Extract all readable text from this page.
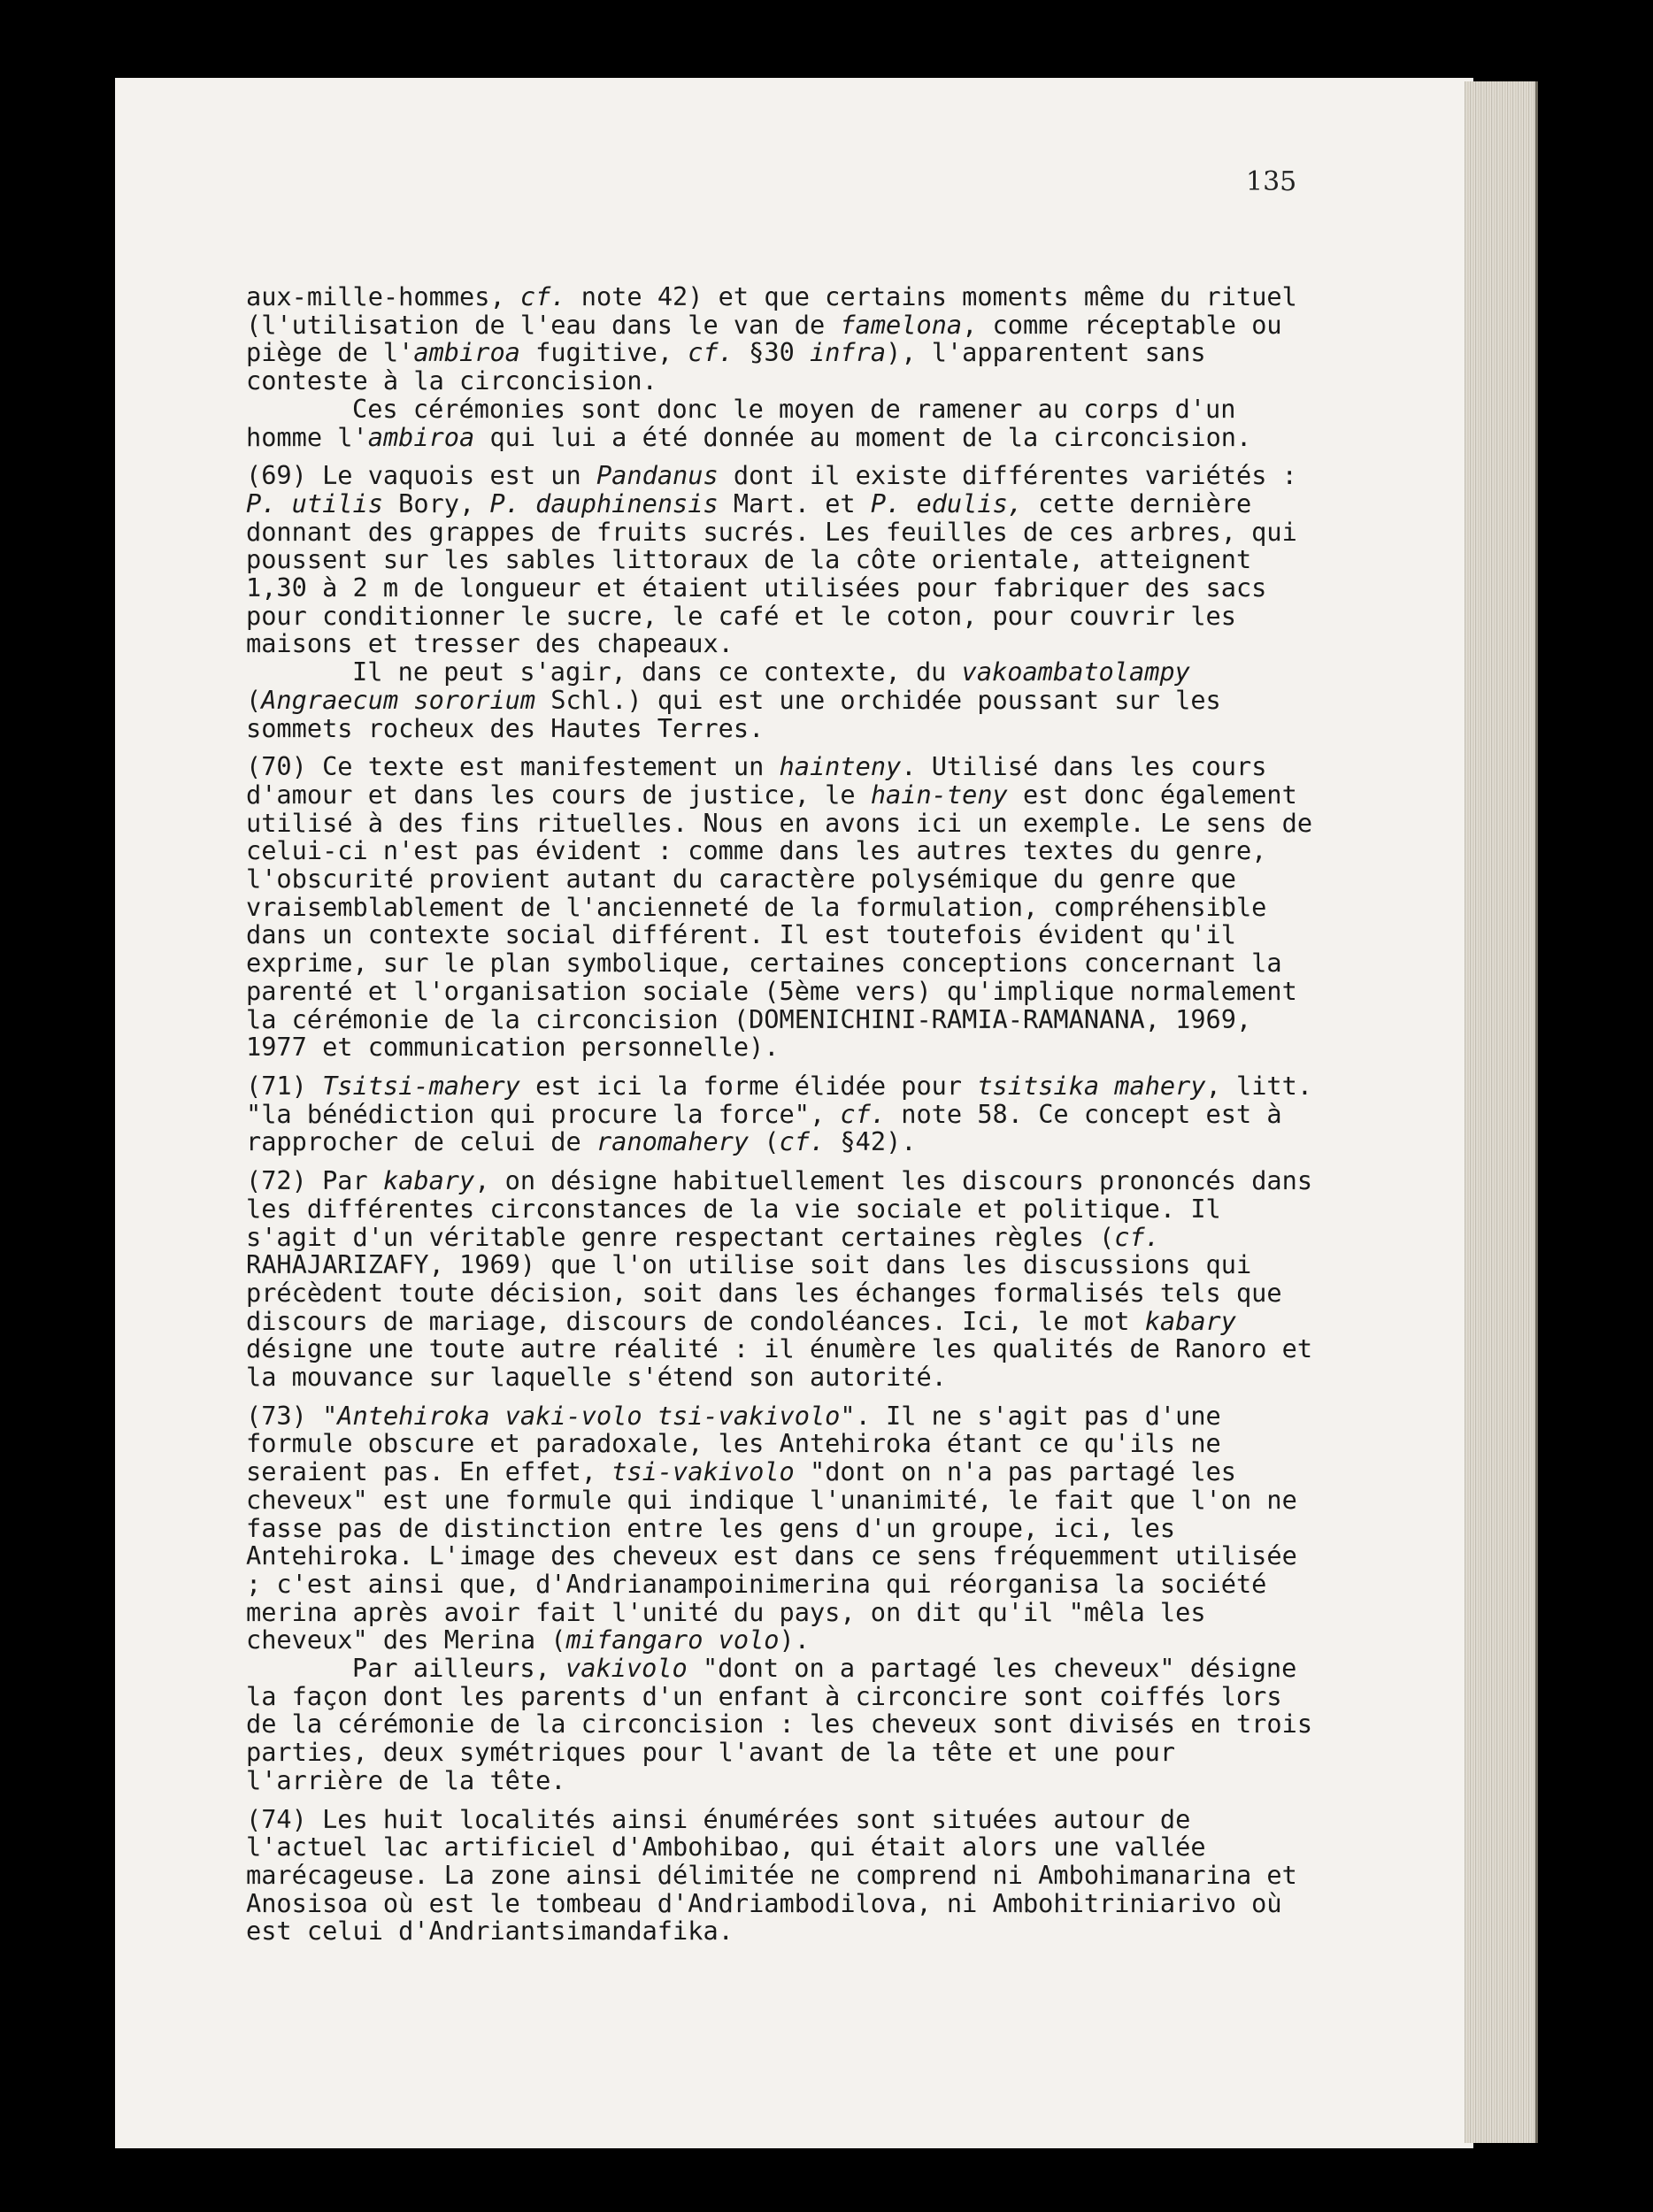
135

aux-mille-hommes, cf. note 42) et que certains moments même du rituel (l'utilisation de l'eau dans le van de famelona, comme réceptable ou piège de l'ambiroa fugitive, cf. §30 infra), l'apparentent sans conteste à la circoncision.

Ces cérémonies sont donc le moyen de ramener au corps d'un homme l'ambiroa qui lui a été donnée au moment de la circoncision.

(69) Le vaquois est un Pandanus dont il existe différentes variétés : P. utilis Bory, P. dauphinensis Mart. et P. edulis, cette dernière donnant des grappes de fruits sucrés. Les feuilles de ces arbres, qui poussent sur les sables littoraux de la côte orientale, atteignent 1,30 à 2 m de longueur et étaient utilisées pour fabriquer des sacs pour conditionner le sucre, le café et le coton, pour couvrir les maisons et tresser des chapeaux.

Il ne peut s'agir, dans ce contexte, du vakoambatolampy (Angraecum sororium Schl.) qui est une orchidée poussant sur les sommets rocheux des Hautes Terres.

(70) Ce texte est manifestement un hainteny. Utilisé dans les cours d'amour et dans les cours de justice, le hain-teny est donc également utilisé à des fins rituelles. Nous en avons ici un exemple. Le sens de celui-ci n'est pas évident : comme dans les autres textes du genre, l'obscurité provient autant du caractère polysémique du genre que vraisemblablement de l'ancienneté de la formulation, compréhensible dans un contexte social différent. Il est toutefois évident qu'il exprime, sur le plan symbolique, certaines conceptions concernant la parenté et l'organisation sociale (5ème vers) qu'implique normalement la cérémonie de la circoncision (DOMENICHINI-RAMIA-RAMANANA, 1969, 1977 et communication personnelle).

(71) Tsitsi-mahery est ici la forme élidée pour tsitsika mahery, litt. "la bénédiction qui procure la force", cf. note 58. Ce concept est à rapprocher de celui de ranomahery (cf. §42).

(72) Par kabary, on désigne habituellement les discours prononcés dans les différentes circonstances de la vie sociale et politique. Il s'agit d'un véritable genre respectant certaines règles (cf. RAHAJARIZAFY, 1969) que l'on utilise soit dans les discussions qui précèdent toute décision, soit dans les échanges formalisés tels que discours de mariage, discours de condoléances. Ici, le mot kabary désigne une toute autre réalité : il énumère les qualités de Ranoro et la mouvance sur laquelle s'étend son autorité.

(73) "Antehiroka vaki-volo tsi-vakivolo". Il ne s'agit pas d'une formule obscure et paradoxale, les Antehiroka étant ce qu'ils ne seraient pas. En effet, tsi-vakivolo "dont on n'a pas partagé les cheveux" est une formule qui indique l'unanimité, le fait que l'on ne fasse pas de distinction entre les gens d'un groupe, ici, les Antehiroka. L'image des cheveux est dans ce sens fréquemment utilisée ; c'est ainsi que, d'Andrianampoinimerina qui réorganisa la société merina après avoir fait l'unité du pays, on dit qu'il "mêla les cheveux" des Merina (mifangaro volo).

Par ailleurs, vakivolo "dont on a partagé les cheveux" désigne la façon dont les parents d'un enfant à circoncire sont coiffés lors de la cérémonie de la circoncision : les cheveux sont divisés en trois parties, deux symétriques pour l'avant de la tête et une pour l'arrière de la tête.

(74) Les huit localités ainsi énumérées sont situées autour de l'actuel lac artificiel d'Ambohibao, qui était alors une vallée marécageuse. La zone ainsi délimitée ne comprend ni Ambohimanarina et Anosisoa où est le tombeau d'Andriambodilova, ni Ambohitriniarivo où est celui d'Andriantsimandafika.
